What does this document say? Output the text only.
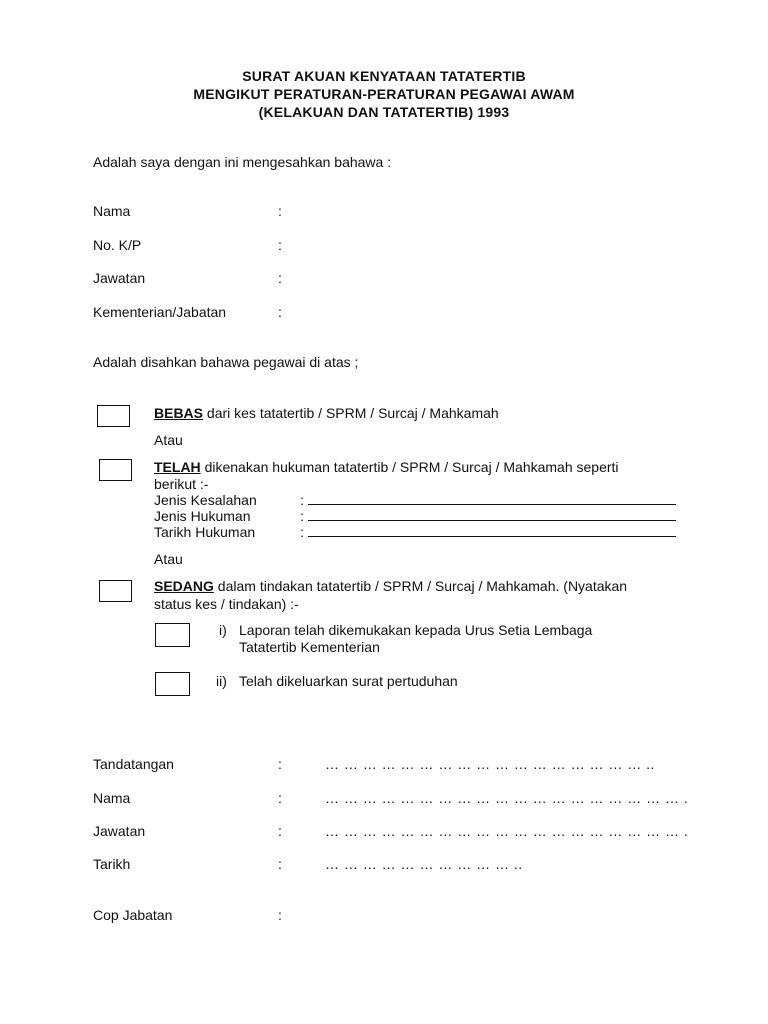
SURAT AKUAN KENYATAAN TATATERTIB
MENGIKUT PERATURAN-PERATURAN PEGAWAI AWAM
(KELAKUAN DAN TATATERTIB) 1993
Adalah saya dengan ini mengesahkan bahawa :
Nama	:
No. K/P	:
Jawatan	:
Kementerian/Jabatan	:
Adalah disahkan bahawa pegawai di atas ;
BEBAS dari kes tatatertib / SPRM / Surcaj / Mahkamah
Atau
TELAH dikenakan hukuman tatatertib / SPRM / Surcaj / Mahkamah seperti
berikut :-
Jenis Kesalahan	:
Jenis Hukuman	:
Tarikh Hukuman	:
Atau
SEDANG dalam tindakan tatatertib / SPRM / Surcaj / Mahkamah. (Nyatakan
status kes / tindakan) :-
i) Laporan telah dikemukakan kepada Urus Setia Lembaga
Tatatertib Kementerian
ii) Telah dikeluarkan surat pertuduhan
Tandatangan	:	… … … … … … … … … … … … … … … … … ..
Nama	:	… … … … … … … … … … … … … … … … … … … .
Jawatan	:	… … … … … … … … … … … … … … … … … … … .
Tarikh	:	… … … … … … … … … … ..
Cop Jabatan	:
